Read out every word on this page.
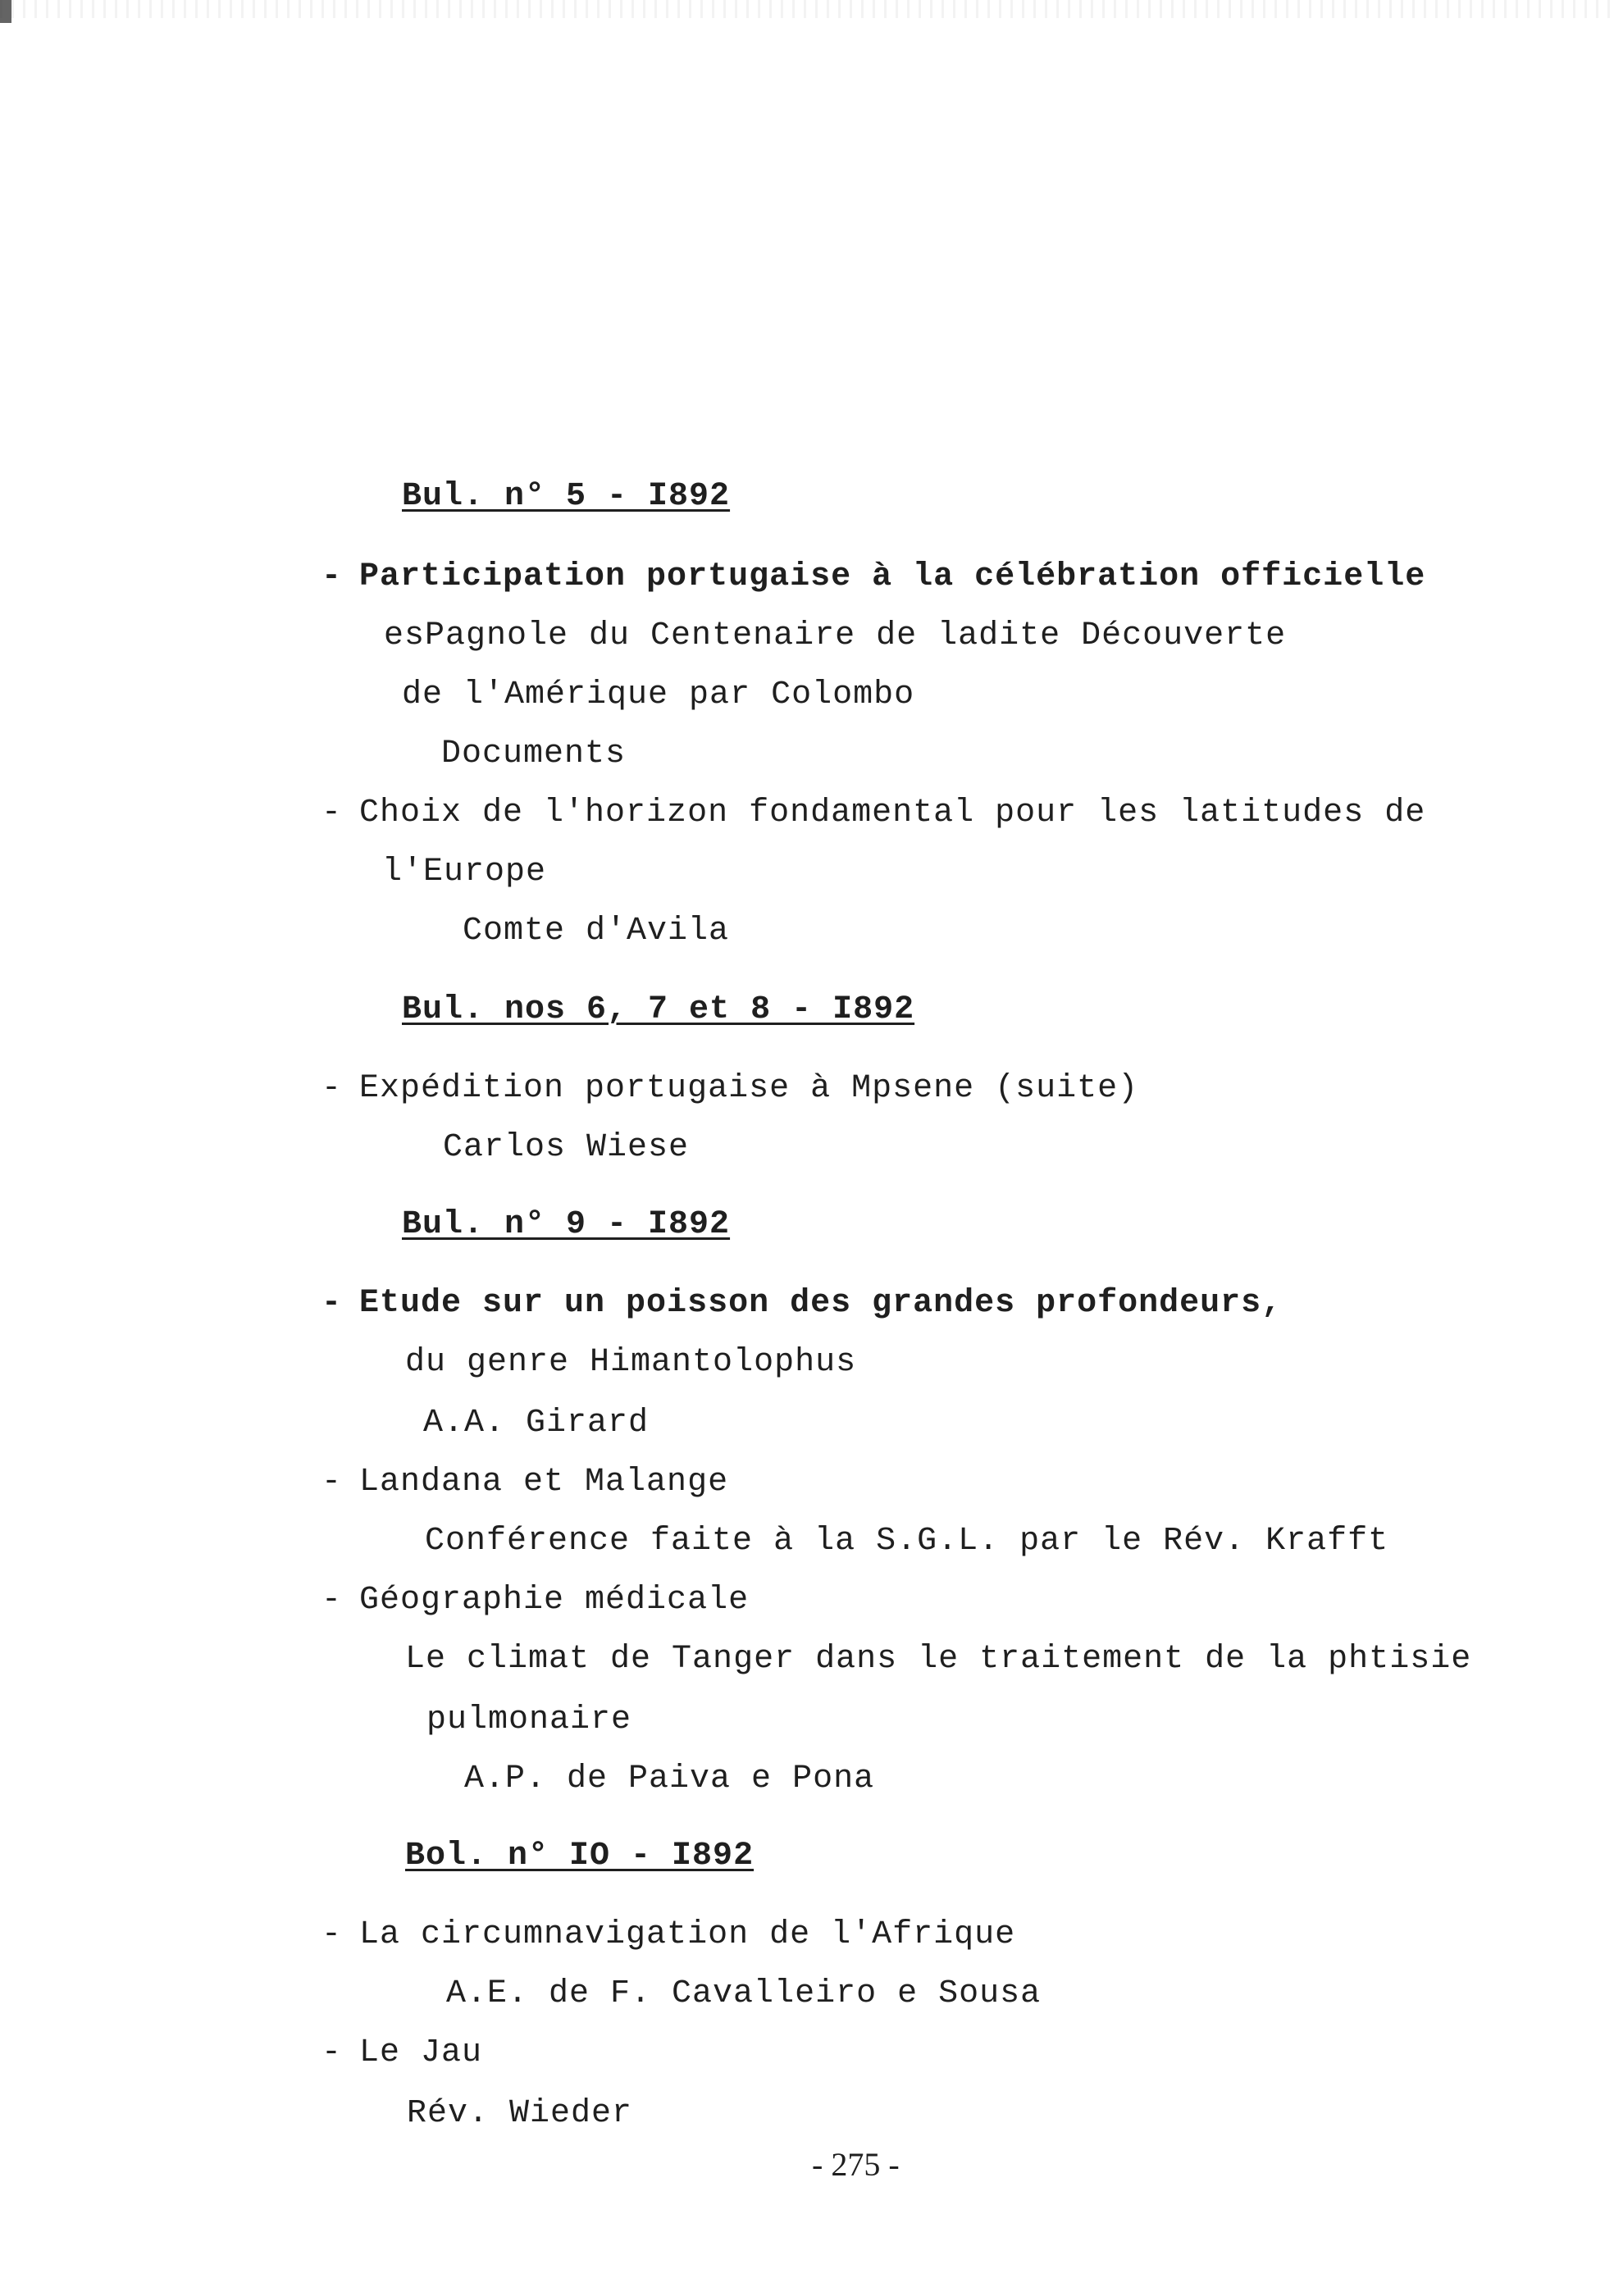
Bul. n° 5 - I892
- Participation portugaise à la célébration officielle
esPagnole du Centenaire de ladite Découverte
de l'Amérique par Colombo
Documents
- Choix de l'horizon fondamental pour les latitudes de
l'Europe
Comte d'Avila
Bul. nos 6, 7 et 8 - I892
- Expédition portugaise à Mpsene (suite)
Carlos Wiese
Bul. n° 9 - I892
- Etude sur un poisson des grandes profondeurs,
du genre Himantolophus
A.A. Girard
- Landana et Malange
Conférence faite à la S.G.L. par le Rév. Krafft
- Géographie médicale
Le climat de Tanger dans le traitement de la phtisie
pulmonaire
A.P. de Paiva e Pona
Bol. n° IO - I892
- La circumnavigation de l'Afrique
A.E. de F. Cavalleiro e Sousa
- Le Jau
Rév. Wieder
- 275 -
